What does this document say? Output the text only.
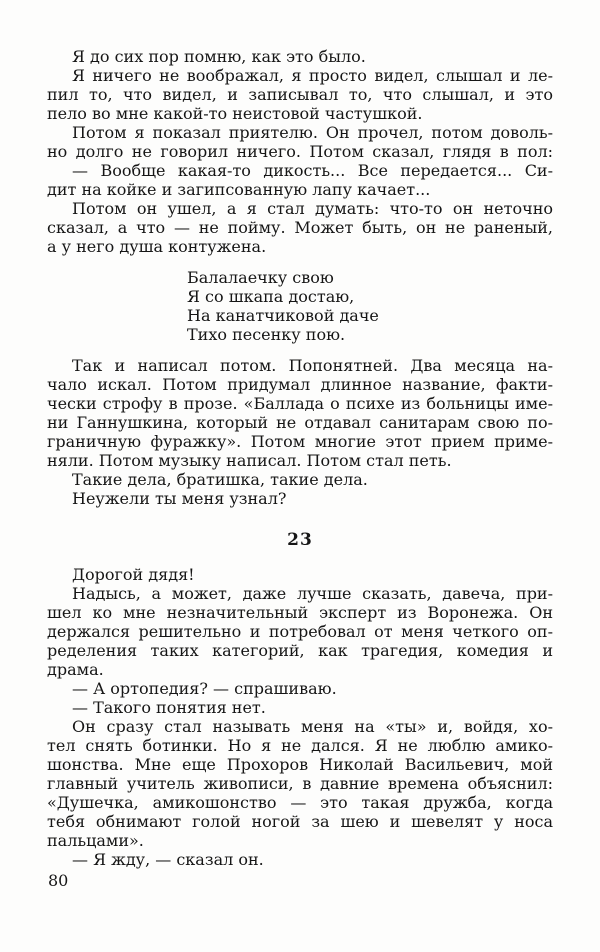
Я до сих пор помню, как это было.
Я ничего не воображал, я просто видел, слышал и ле-
пил то, что видел, и записывал то, что слышал, и это
пело во мне какой-то неистовой частушкой.
Потом я показал приятелю. Он прочел, потом доволь-
но долго не говорил ничего. Потом сказал, глядя в пол:
— Вообще какая-то дикость... Все передается... Си-
дит на койке и загипсованную лапу качает...
Потом он ушел, а я стал думать: что-то он неточно
сказал, а что — не пойму. Может быть, он не раненый,
а у него душа контужена.
Балалаечку свою
Я со шкапа достаю,
На канатчиковой даче
Тихо песенку пою.
Так и написал потом. Попонятней. Два месяца на-
чало искал. Потом придумал длинное название, факти-
чески строфу в прозе. «Баллада о психе из больницы име-
ни Ганнушкина, который не отдавал санитарам свою по-
граничную фуражку». Потом многие этот прием приме-
няли. Потом музыку написал. Потом стал петь.
Такие дела, братишка, такие дела.
Неужели ты меня узнал?
23
Дорогой дядя!
Надысь, а может, даже лучше сказать, давеча, при-
шел ко мне незначительный эксперт из Воронежа. Он
держался решительно и потребовал от меня четкого оп-
ределения таких категорий, как трагедия, комедия и
драма.
— А ортопедия? — спрашиваю.
— Такого понятия нет.
Он сразу стал называть меня на «ты» и, войдя, хо-
тел снять ботинки. Но я не дался. Я не люблю амико-
шонства. Мне еще Прохоров Николай Васильевич, мой
главный учитель живописи, в давние времена объяснил:
«Душечка, амикошонство — это такая дружба, когда
тебя обнимают голой ногой за шею и шевелят у носа
пальцами».
— Я жду, — сказал он.
80
